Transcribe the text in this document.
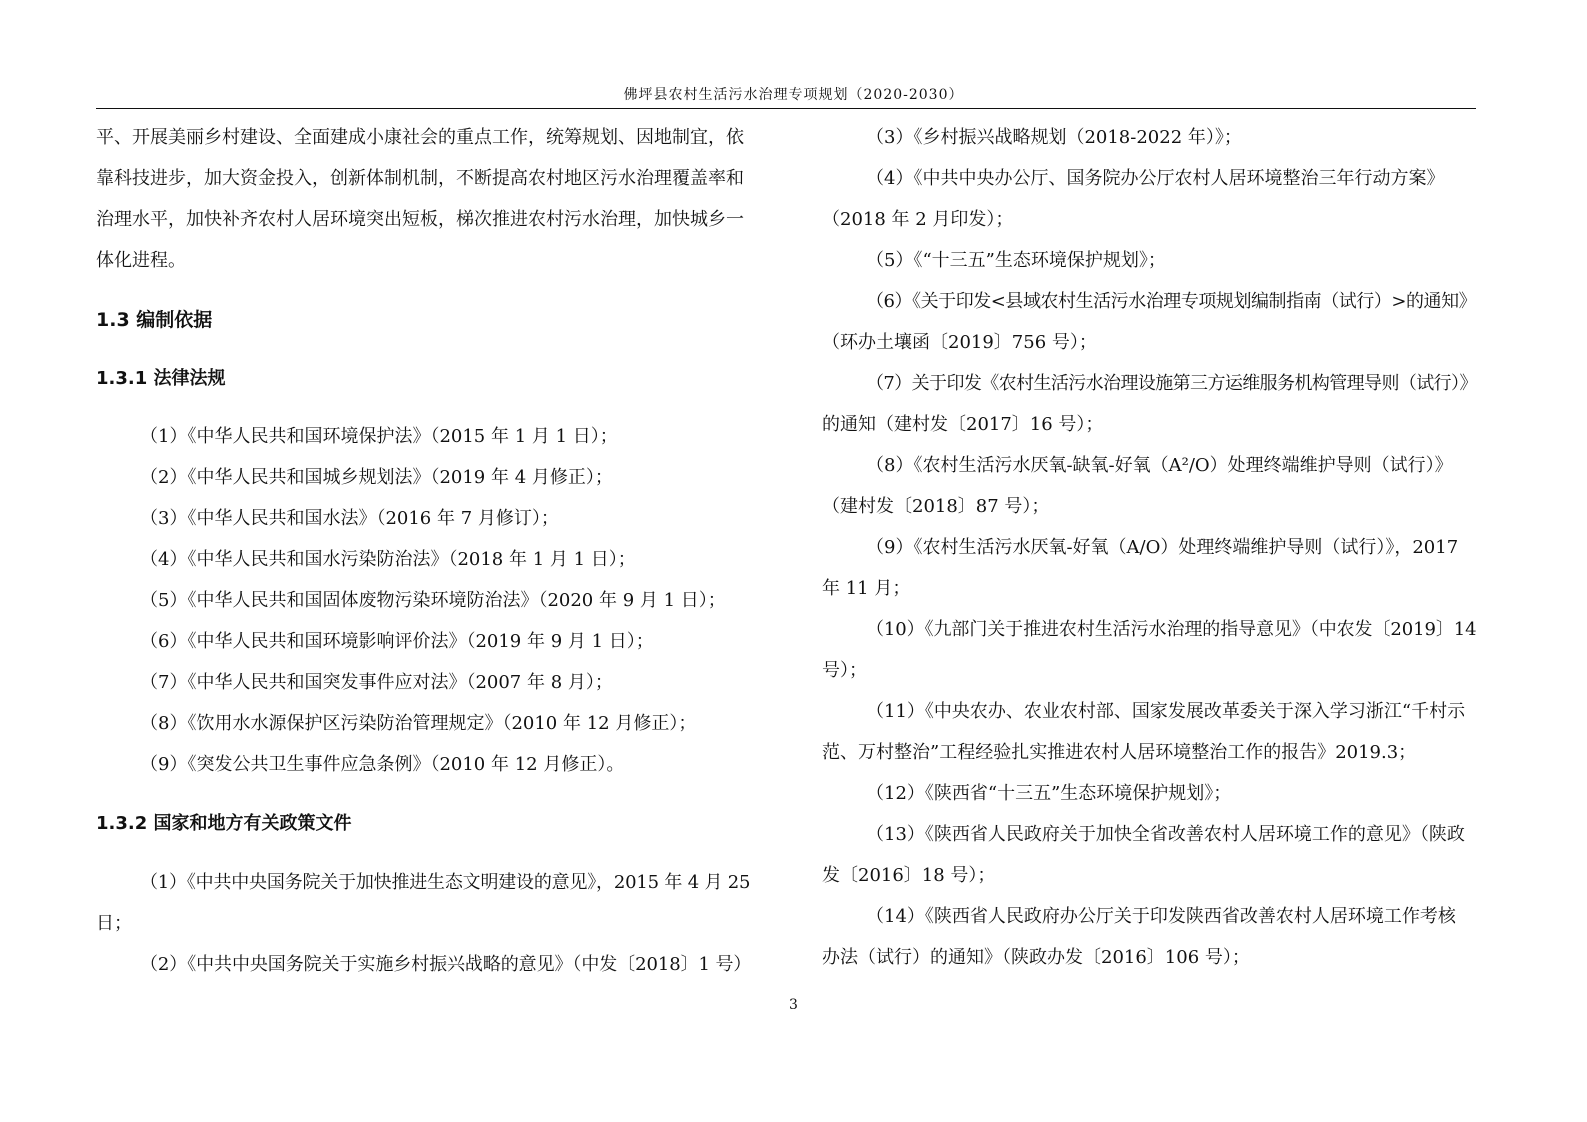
佛坪县农村生活污水治理专项规划（2020-2030）

平、开展美丽乡村建设、全面建成小康社会的重点工作，统筹规划、因地制宜，依

靠科技进步，加大资金投入，创新体制机制，不断提高农村地区污水治理覆盖率和

治理水平，加快补齐农村人居环境突出短板，梯次推进农村污水治理，加快城乡一

体化进程。

1.3 编制依据

1.3.1 法律法规

（1）《中华人民共和国环境保护法》（2015 年 1 月 1 日）；

（2）《中华人民共和国城乡规划法》（2019 年 4 月修正）；

（3）《中华人民共和国水法》（2016 年 7 月修订）；

（4）《中华人民共和国水污染防治法》（2018 年 1 月 1 日）；

（5）《中华人民共和国固体废物污染环境防治法》（2020 年 9 月 1 日）；

（6）《中华人民共和国环境影响评价法》（2019 年 9 月 1 日）；

（7）《中华人民共和国突发事件应对法》（2007 年 8 月）；

（8）《饮用水水源保护区污染防治管理规定》（2010 年 12 月修正）；

（9）《突发公共卫生事件应急条例》（2010 年 12 月修正）。

1.3.2 国家和地方有关政策文件

（1）《中共中央国务院关于加快推进生态文明建设的意见》，2015 年 4 月 25

日；

（2）《中共中央国务院关于实施乡村振兴战略的意见》（中发〔2018〕1 号）

（3）《乡村振兴战略规划（2018-2022 年）》；

（4）《中共中央办公厅、国务院办公厅农村人居环境整治三年行动方案》

（2018 年 2 月印发）；

（5）《“十三五”生态环境保护规划》；

（6）《关于印发<县域农村生活污水治理专项规划编制指南（试行）>的通知》

（环办土壤函〔2019〕756 号）；

（7）关于印发《农村生活污水治理设施第三方运维服务机构管理导则（试行）》

的通知（建村发〔2017〕16 号）；

（8）《农村生活污水厌氧-缺氧-好氧（A²/O）处理终端维护导则（试行）》

（建村发〔2018〕87 号）；

（9）《农村生活污水厌氧-好氧（A/O）处理终端维护导则（试行）》，2017

年 11 月；

（10）《九部门关于推进农村生活污水治理的指导意见》（中农发〔2019〕14

号）；

（11）《中央农办、农业农村部、国家发展改革委关于深入学习浙江“千村示

范、万村整治”工程经验扎实推进农村人居环境整治工作的报告》2019.3；

（12）《陕西省“十三五”生态环境保护规划》；

（13）《陕西省人民政府关于加快全省改善农村人居环境工作的意见》（陕政

发〔2016〕18 号）；

（14）《陕西省人民政府办公厅关于印发陕西省改善农村人居环境工作考核

办法（试行）的通知》（陕政办发〔2016〕106 号）；

3
